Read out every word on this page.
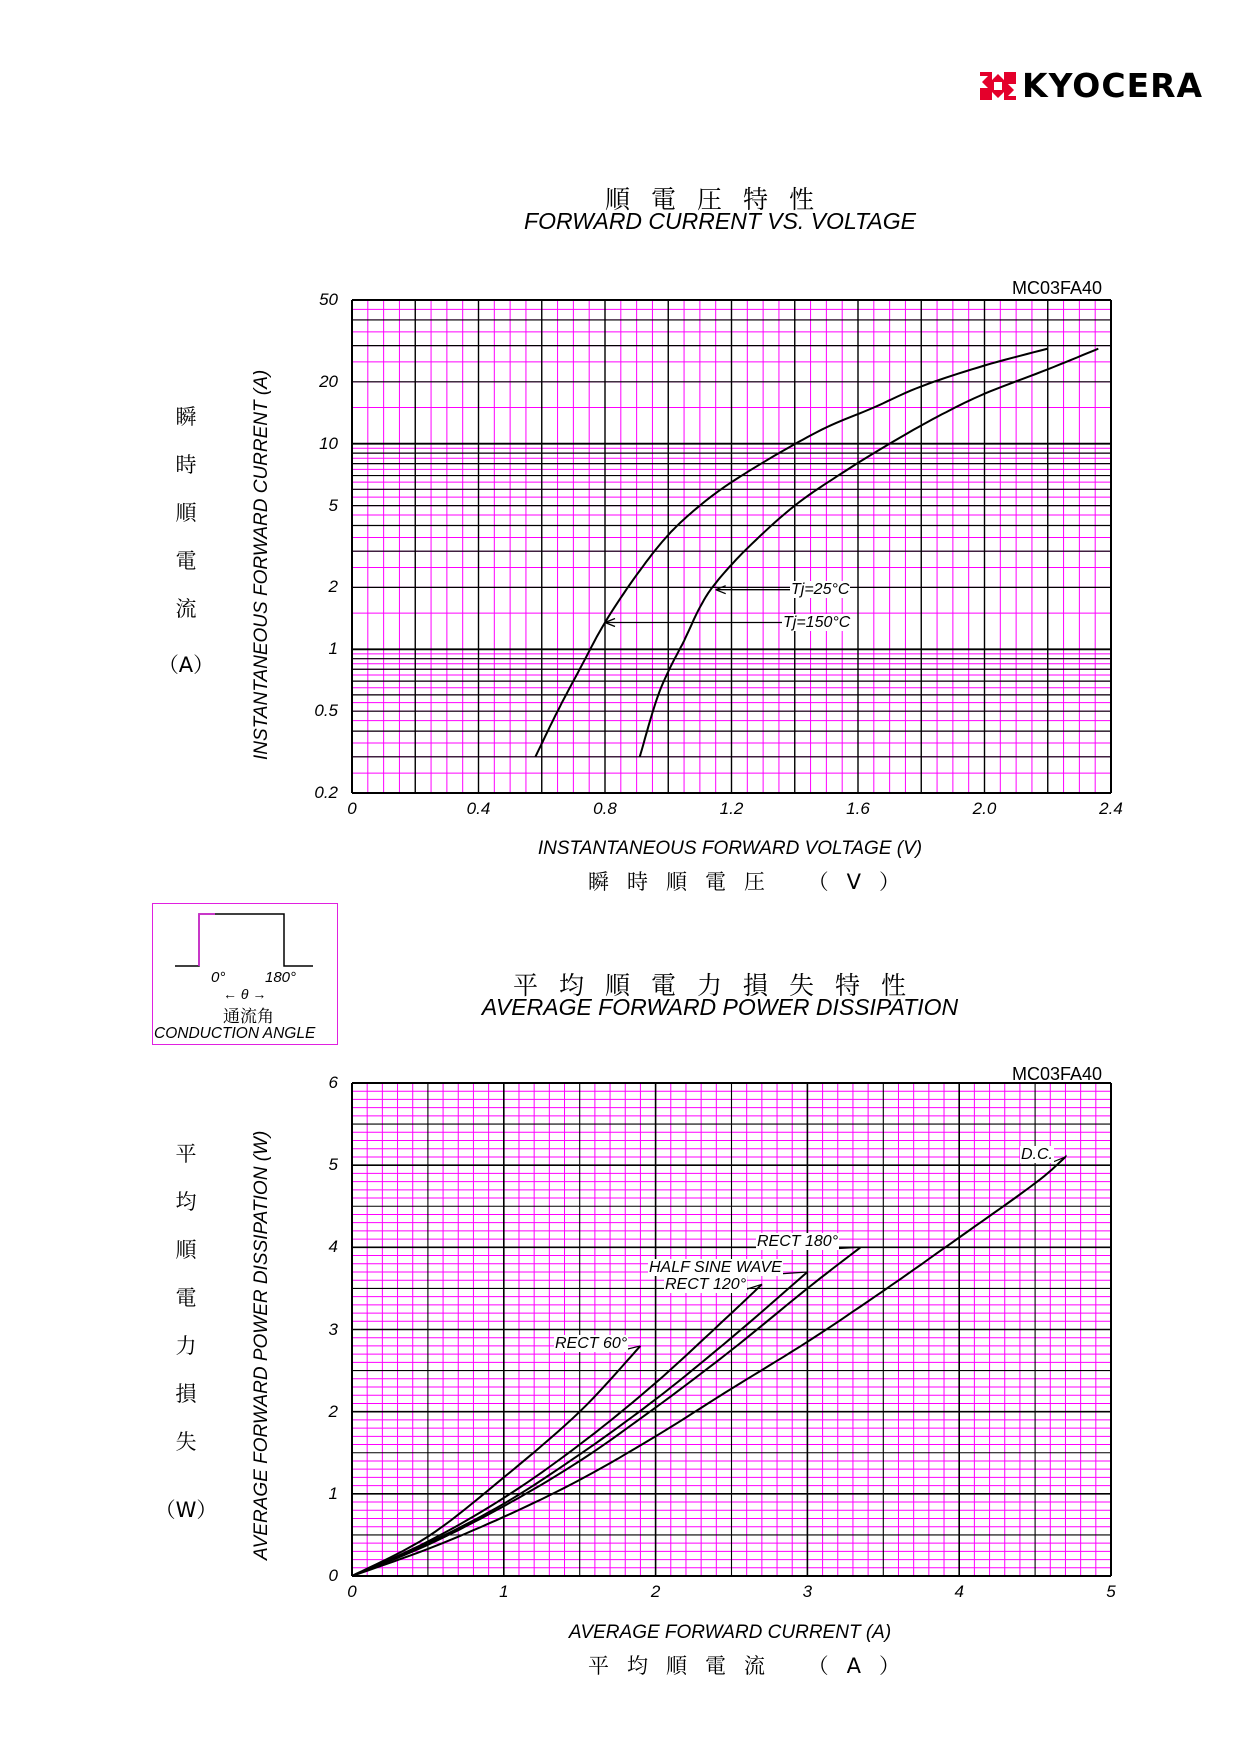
KYOCERA
順電圧特性
FORWARD CURRENT VS. VOLTAGE
MC03FA40
INSTANTANEOUS FORWARD CURRENT (A)
瞬
時
順
電
流
（A）
INSTANTANEOUS FORWARD VOLTAGE (V)
瞬時順電圧 （V）
0°	180°
← θ →
通流角
CONDUCTION ANGLE
平均順電力損失特性
AVERAGE FORWARD POWER DISSIPATION
MC03FA40
AVERAGE FORWARD POWER DISSIPATION (W)
平
均
順
電
力
損
失
（W）
AVERAGE FORWARD CURRENT (A)
平均順電流 （A）
0	0.4	0.8	1.2	1.6	2.0	2.4
50
20
10
5
2
1
0.5
0.2
Tj=25°C
Tj=150°C
0	1	2	3	4	5
6
5
4
3
2
1
0
RECT 180°
HALF SINE WAVE
RECT 120°
RECT 60°
D.C.
